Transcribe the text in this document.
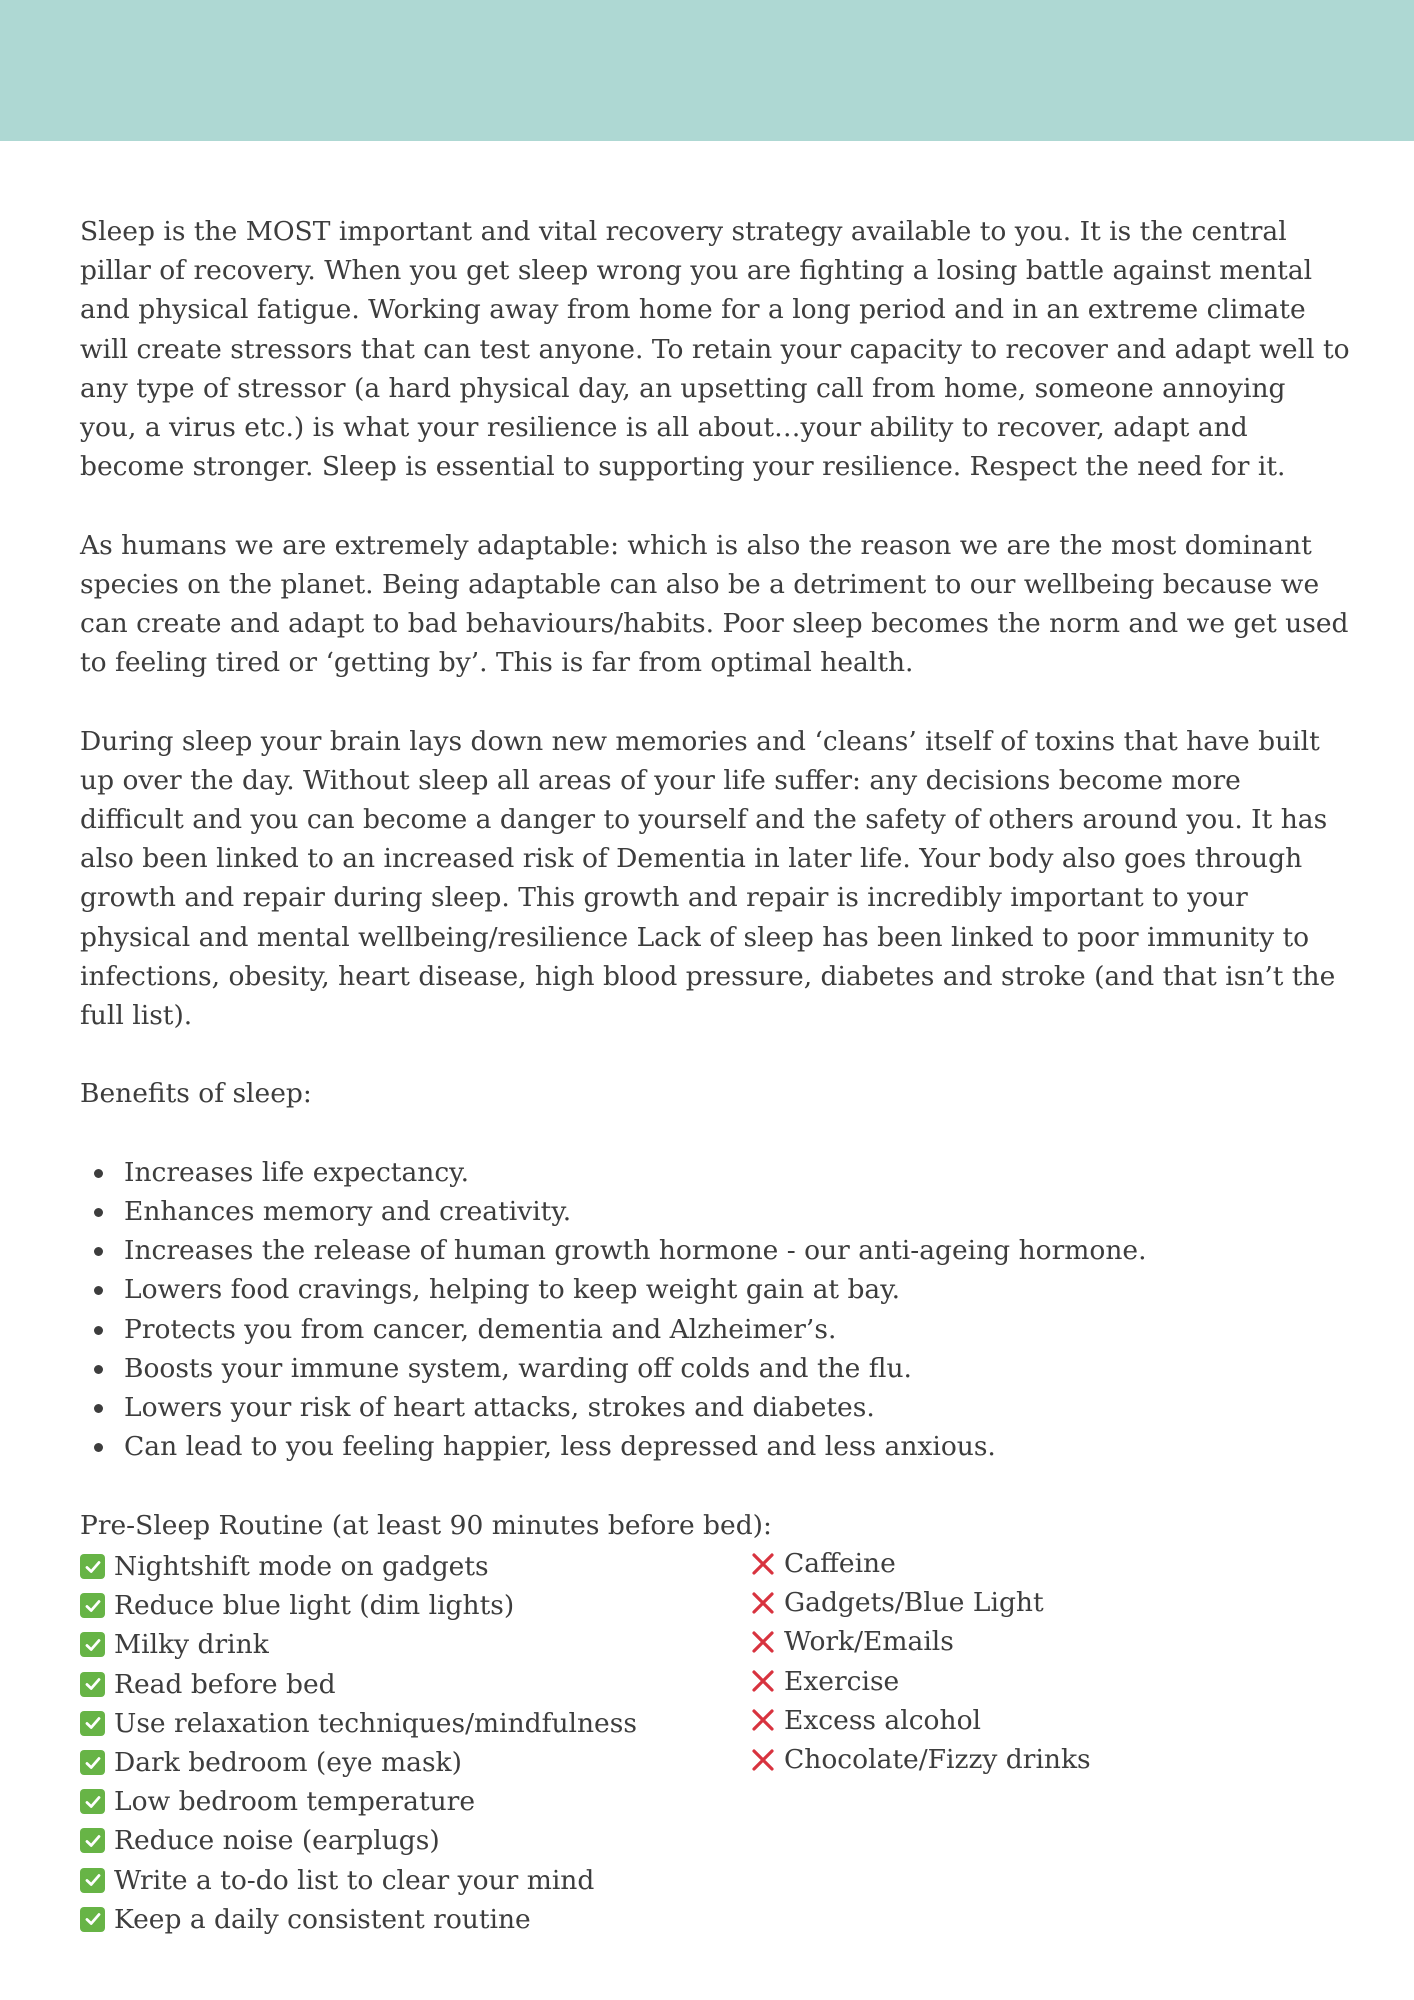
Sleep is the MOST important and vital recovery strategy available to you. It is the central pillar of recovery. When you get sleep wrong you are fighting a losing battle against mental and physical fatigue. Working away from home for a long period and in an extreme climate will create stressors that can test anyone. To retain your capacity to recover and adapt well to any type of stressor (a hard physical day, an upsetting call from home, someone annoying you, a virus etc.) is what your resilience is all about…your ability to recover, adapt and become stronger. Sleep is essential to supporting your resilience. Respect the need for it.

As humans we are extremely adaptable: which is also the reason we are the most dominant species on the planet. Being adaptable can also be a detriment to our wellbeing because we can create and adapt to bad behaviours/habits. Poor sleep becomes the norm and we get used to feeling tired or ‘getting by’. This is far from optimal health.

During sleep your brain lays down new memories and ‘cleans’ itself of toxins that have built up over the day. Without sleep all areas of your life suffer: any decisions become more difficult and you can become a danger to yourself and the safety of others around you. It has also been linked to an increased risk of Dementia in later life. Your body also goes through growth and repair during sleep. This growth and repair is incredibly important to your physical and mental wellbeing/resilience Lack of sleep has been linked to poor immunity to infections, obesity, heart disease, high blood pressure, diabetes and stroke (and that isn’t the full list).

Benefits of sleep:

Increases life expectancy.
Enhances memory and creativity.
Increases the release of human growth hormone - our anti-ageing hormone.
Lowers food cravings, helping to keep weight gain at bay.
Protects you from cancer, dementia and Alzheimer’s.
Boosts your immune system, warding off colds and the flu.
Lowers your risk of heart attacks, strokes and diabetes.
Can lead to you feeling happier, less depressed and less anxious.

Pre-Sleep Routine (at least 90 minutes before bed):

Nightshift mode on gadgets
Reduce blue light (dim lights)
Milky drink
Read before bed
Use relaxation techniques/mindfulness
Dark bedroom (eye mask)
Low bedroom temperature
Reduce noise (earplugs)
Write a to-do list to clear your mind
Keep a daily consistent routine
Caffeine
Gadgets/Blue Light
Work/Emails
Exercise
Excess alcohol
Chocolate/Fizzy drinks
